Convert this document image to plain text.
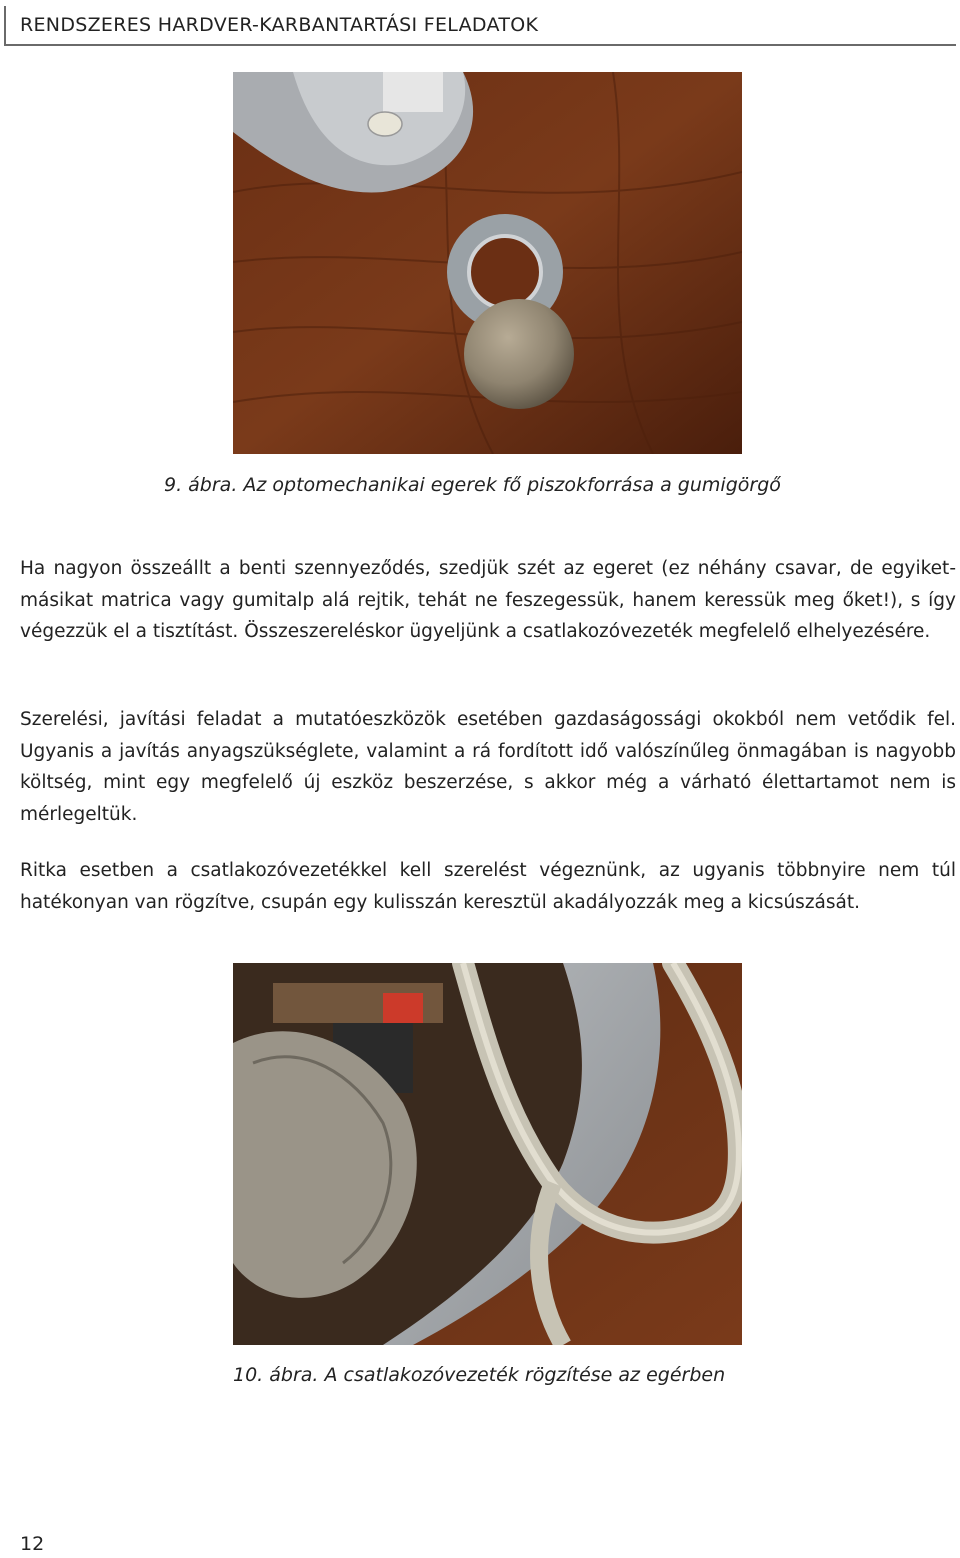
RENDSZERES HARDVER-KARBANTARTÁSI FELADATOK
9. ábra. Az optomechanikai egerek fő piszokforrása a gumigörgő

Ha nagyon összeállt a benti szennyeződés, szedjük szét az egeret (ez néhány csavar, de egyiket-másikat matrica vagy gumitalp alá rejtik, tehát ne feszegessük, hanem keressük meg őket!), s így végezzük el a tisztítást. Összeszereléskor ügyeljünk a csatlakozóvezeték megfelelő elhelyezésére.

Szerelési, javítási feladat a mutatóeszközök esetében gazdaságossági okokból nem vetődik fel. Ugyanis a javítás anyagszükséglete, valamint a rá fordított idő valószínűleg önmagában is nagyobb költség, mint egy megfelelő új eszköz beszerzése, s akkor még a várható élettartamot nem is mérlegeltük.

Ritka esetben a csatlakozóvezetékkel kell szerelést végeznünk, az ugyanis többnyire nem túl hatékonyan van rögzítve, csupán egy kulisszán keresztül akadályozzák meg a kicsúszását.

10. ábra. A csatlakozóvezeték rögzítése az egérben
12
